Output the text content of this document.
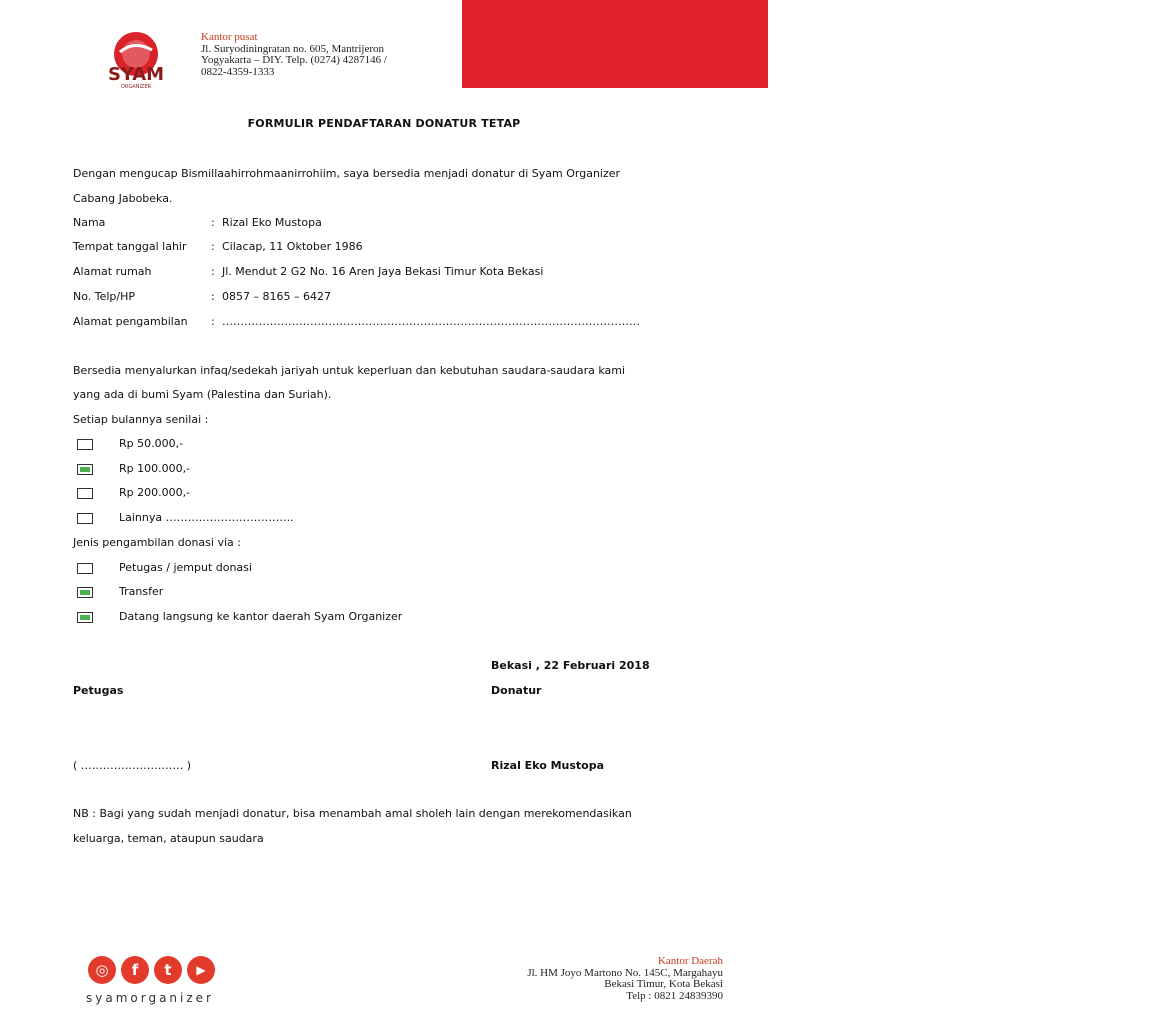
www.syamorganizer.org
SYAM
ORGANIZER
Kantor pusat
Jl. Suryodiningratan no. 605, Mantrijeron
Yogyakarta – DIY. Telp. (0274) 4287146 /
0822-4359-1333
FORMULIR PENDAFTARAN DONATUR TETAP
Dengan mengucap Bismillaahirrohmaanirrohiim, saya bersedia menjadi donatur di Syam Organizer
Cabang Jabobeka.
Nama	: Rizal Eko Mustopa
Tempat tanggal lahir : Cilacap, 11 Oktober 1986
Alamat rumah	: Jl. Mendut 2 G2 No. 16 Aren Jaya Bekasi Timur Kota Bekasi
No. Telp/HP	: 0857 – 8165 – 6427
Alamat pengambilan : ……………………………………………………………………………………………………
Bersedia menyalurkan infaq/sedekah jariyah untuk keperluan dan kebutuhan saudara-saudara kami
yang ada di bumi Syam (Palestina dan Suriah).
Setiap bulannya senilai :
Rp 50.000,-
Rp 100.000,-
Rp 200.000,-
Lainnya ……………………………..
Jenis pengambilan donasi via :
Petugas / jemput donasi
Transfer
Datang langsung ke kantor daerah Syam Organizer
Bekasi , 22 Februari 2018
Petugas	Donatur
( ………………………. )	Rizal Eko Mustopa
NB : Bagi yang sudah menjadi donatur, bisa menambah amal sholeh lain dengan merekomendasikan
keluarga, teman, ataupun saudara
◎	f	t	▶
syamorganizer
Kantor Daerah
Jl. HM Joyo Martono No. 145C, Margahayu
Bekasi Timur, Kota Bekasi
Telp : 0821 24839390
